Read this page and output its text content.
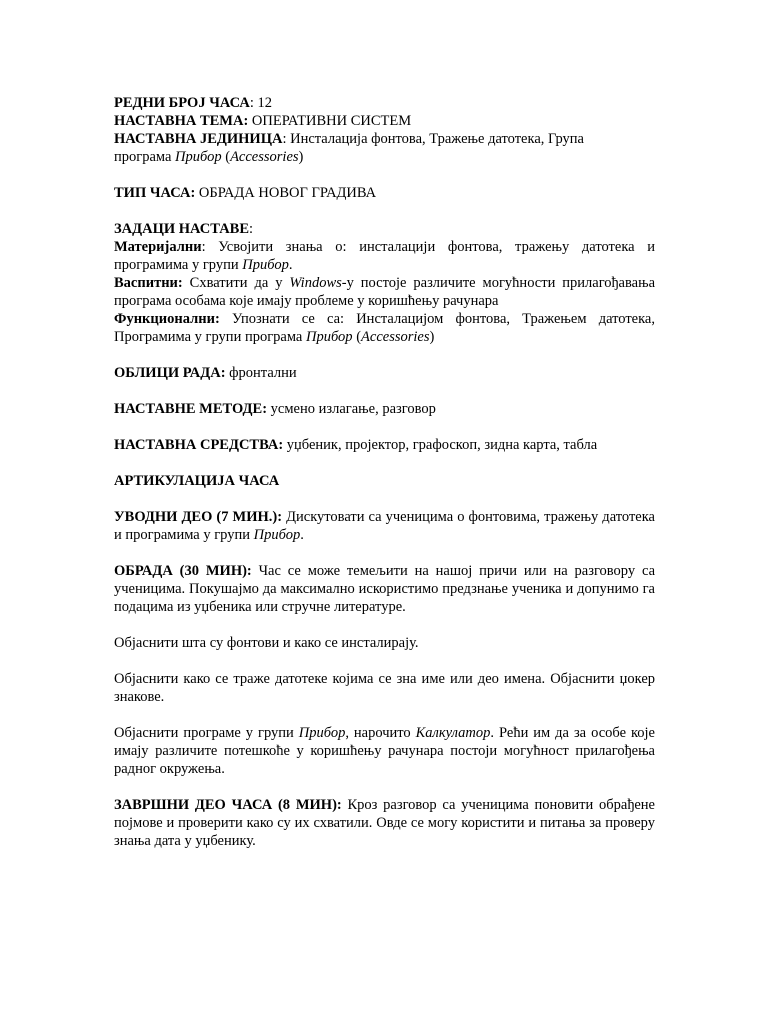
РЕДНИ БРОЈ ЧАСА: 12

НАСТАВНА ТЕМА: ОПЕРАТИВНИ СИСТЕМ

НАСТАВНА ЈЕДИНИЦА: Инсталација фонтова, Тражење датотека, Група
програма Прибор (Accessories)

ТИП ЧАСА: ОБРАДА НОВОГ ГРАДИВА

ЗАДАЦИ НАСТАВЕ:

Материјални: Усвојити знања о: инсталацији фонтова, тражењу датотека и програмима у групи Прибор.

Васпитни: Схватити да у Windows-у постоје различите могућности прилагођавања програма особама које имају проблеме у коришћењу рачунара

Функционални: Упознати се са: Инсталацијом фонтова, Тражењем датотека, Програмима у групи програма Прибор (Accessories)

ОБЛИЦИ РАДА: фронтални

НАСТАВНЕ МЕТОДЕ: усмено излагање, разговор

НАСТАВНА СРЕДСТВА: уџбеник, пројектор, графоскоп, зидна карта, табла

АРТИКУЛАЦИЈА ЧАСА

УВОДНИ ДЕО (7 МИН.): Дискутовати са ученицима о фонтовима, тражењу датотека и програмима у групи Прибор.

ОБРАДА (30 МИН): Час се може темељити на нашој причи или на разговору са ученицима. Покушајмо да максимално искористимо предзнање ученика и допунимо га подацима из уџбеника или стручне литературе.

Објаснити шта су фонтови и како се инсталирају.

Објаснити како се траже датотеке којима се зна име или део имена. Објаснити џокер знакове.

Објаснити програме у групи Прибор, нарочито Калкулатор. Рећи им да за особе које имају различите потешкоће у коришћењу рачунара постоји могућност прилагођења радног окружења.

ЗАВРШНИ ДЕО ЧАСА (8 МИН): Кроз разговор са ученицима поновити обрађене појмове и проверити како су их схватили. Овде се могу користити и питања за проверу знања дата у уџбенику.
